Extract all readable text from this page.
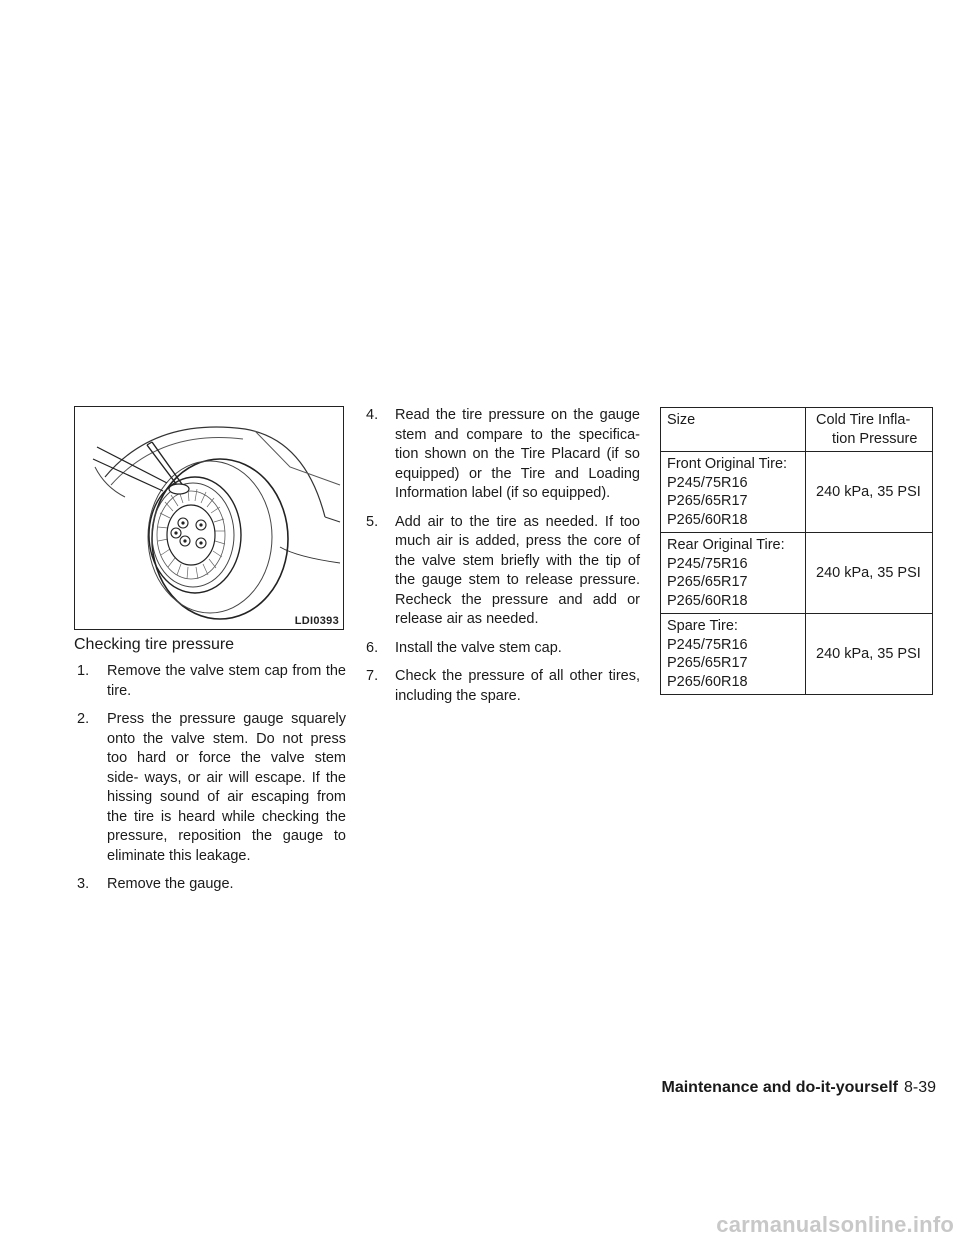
LDI0393
Checking tire pressure
1. Remove the valve stem cap from the tire.
2. Press the pressure gauge squarely onto the valve stem. Do not press too hard or force the valve stem side- ways, or air will escape. If the hissing sound of air escaping from the tire is heard while checking the pressure, reposition the gauge to eliminate this leakage.
3. Remove the gauge.
4. Read the tire pressure on the gauge stem and compare to the specifica- tion shown on the Tire Placard (if so equipped) or the Tire and Loading Information label (if so equipped).
5. Add air to the tire as needed. If too much air is added, press the core of the valve stem briefly with the tip of the gauge stem to release pressure. Recheck the pressure and add or release air as needed.
6. Install the valve stem cap.
7. Check the pressure of all other tires, including the spare.
Size	Cold Tire Infla-
tion Pressure

Front Original Tire:
P245/75R16
P265/65R17
P265/60R18	240 kPa, 35 PSI

Rear Original Tire:
P245/75R16
P265/65R17
P265/60R18	240 kPa, 35 PSI

Spare Tire:
P245/75R16
P265/65R17
P265/60R18	240 kPa, 35 PSI
Maintenance and do-it-yourself 8-39
carmanualsonline.info
